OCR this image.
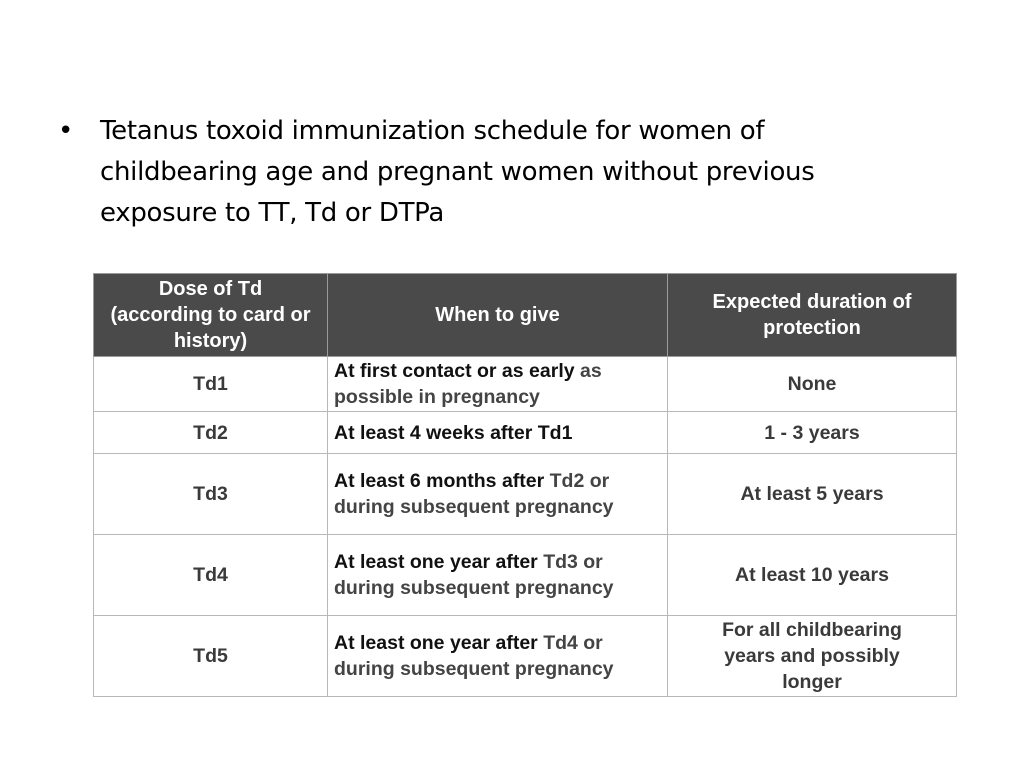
•	Tetanus toxoid immunization schedule for women of childbearing age and pregnant women without previous exposure to TT, Td or DTPa
Dose of Td (according to card or history)	When to give	Expected duration of protection
Td1	At first contact or as early as possible in pregnancy	None
Td2	At least 4 weeks after Td1	1 - 3 years
Td3	At least 6 months after Td2 or during subsequent pregnancy	At least 5 years
Td4	At least one year after Td3 or during subsequent pregnancy	At least 10 years
Td5	At least one year after Td4 or during subsequent pregnancy	For all childbearing years and possibly longer
